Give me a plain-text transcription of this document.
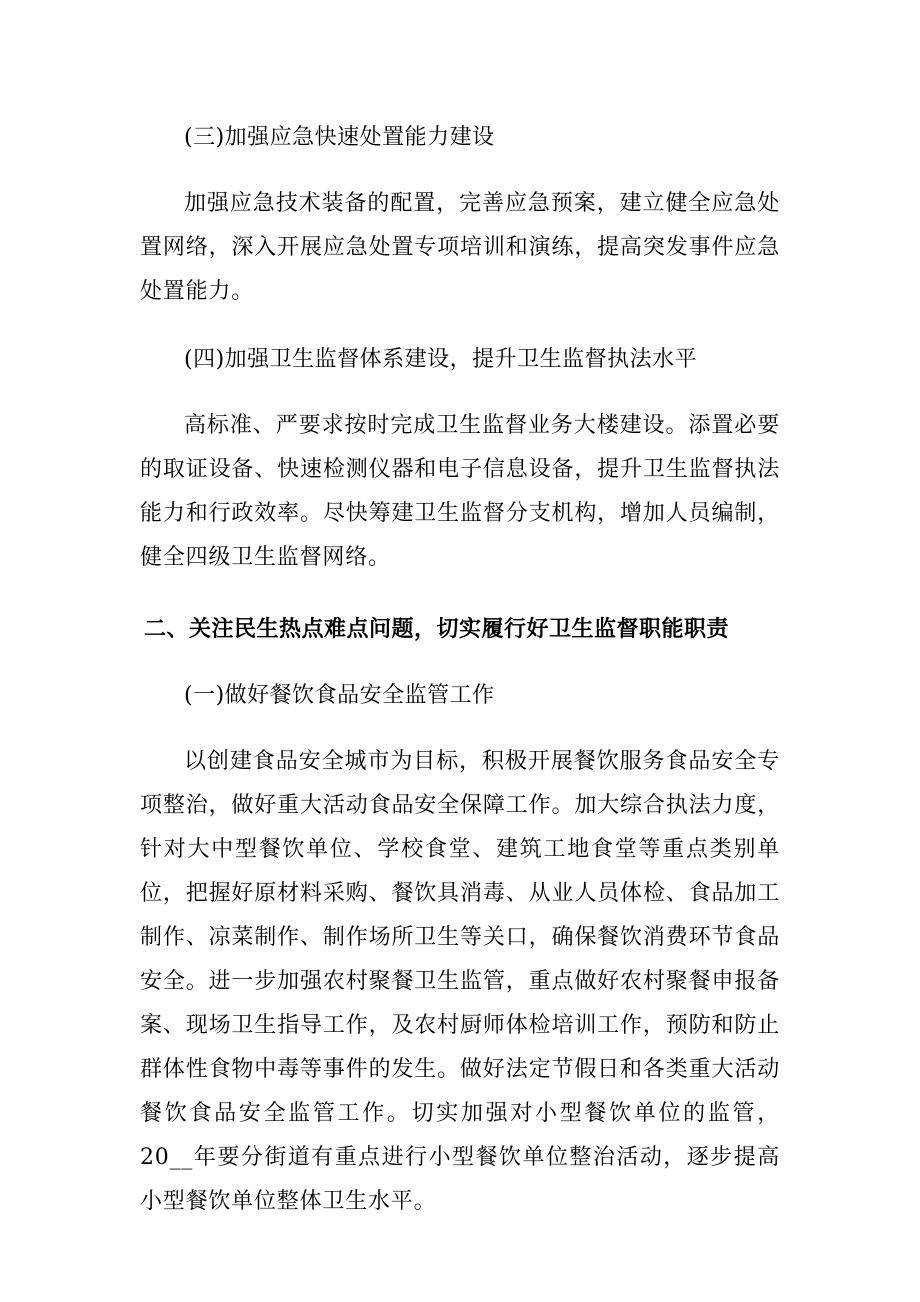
(三)加强应急快速处置能力建设

加强应急技术装备的配置，完善应急预案，建立健全应急处置网络，深入开展应急处置专项培训和演练，提高突发事件应急处置能力。

(四)加强卫生监督体系建设，提升卫生监督执法水平

高标准、严要求按时完成卫生监督业务大楼建设。添置必要的取证设备、快速检测仪器和电子信息设备，提升卫生监督执法能力和行政效率。尽快筹建卫生监督分支机构，增加人员编制，健全四级卫生监督网络。

二、关注民生热点难点问题，切实履行好卫生监督职能职责

(一)做好餐饮食品安全监管工作

以创建食品安全城市为目标，积极开展餐饮服务食品安全专项整治，做好重大活动食品安全保障工作。加大综合执法力度，针对大中型餐饮单位、学校食堂、建筑工地食堂等重点类别单位，把握好原材料采购、餐饮具消毒、从业人员体检、食品加工制作、凉菜制作、制作场所卫生等关口，确保餐饮消费环节食品安全。进一步加强农村聚餐卫生监管，重点做好农村聚餐申报备案、现场卫生指导工作，及农村厨师体检培训工作，预防和防止群体性食物中毒等事件的发生。做好法定节假日和各类重大活动餐饮食品安全监管工作。切实加强对小型餐饮单位的监管，20__年要分街道有重点进行小型餐饮单位整治活动，逐步提高小型餐饮单位整体卫生水平。
